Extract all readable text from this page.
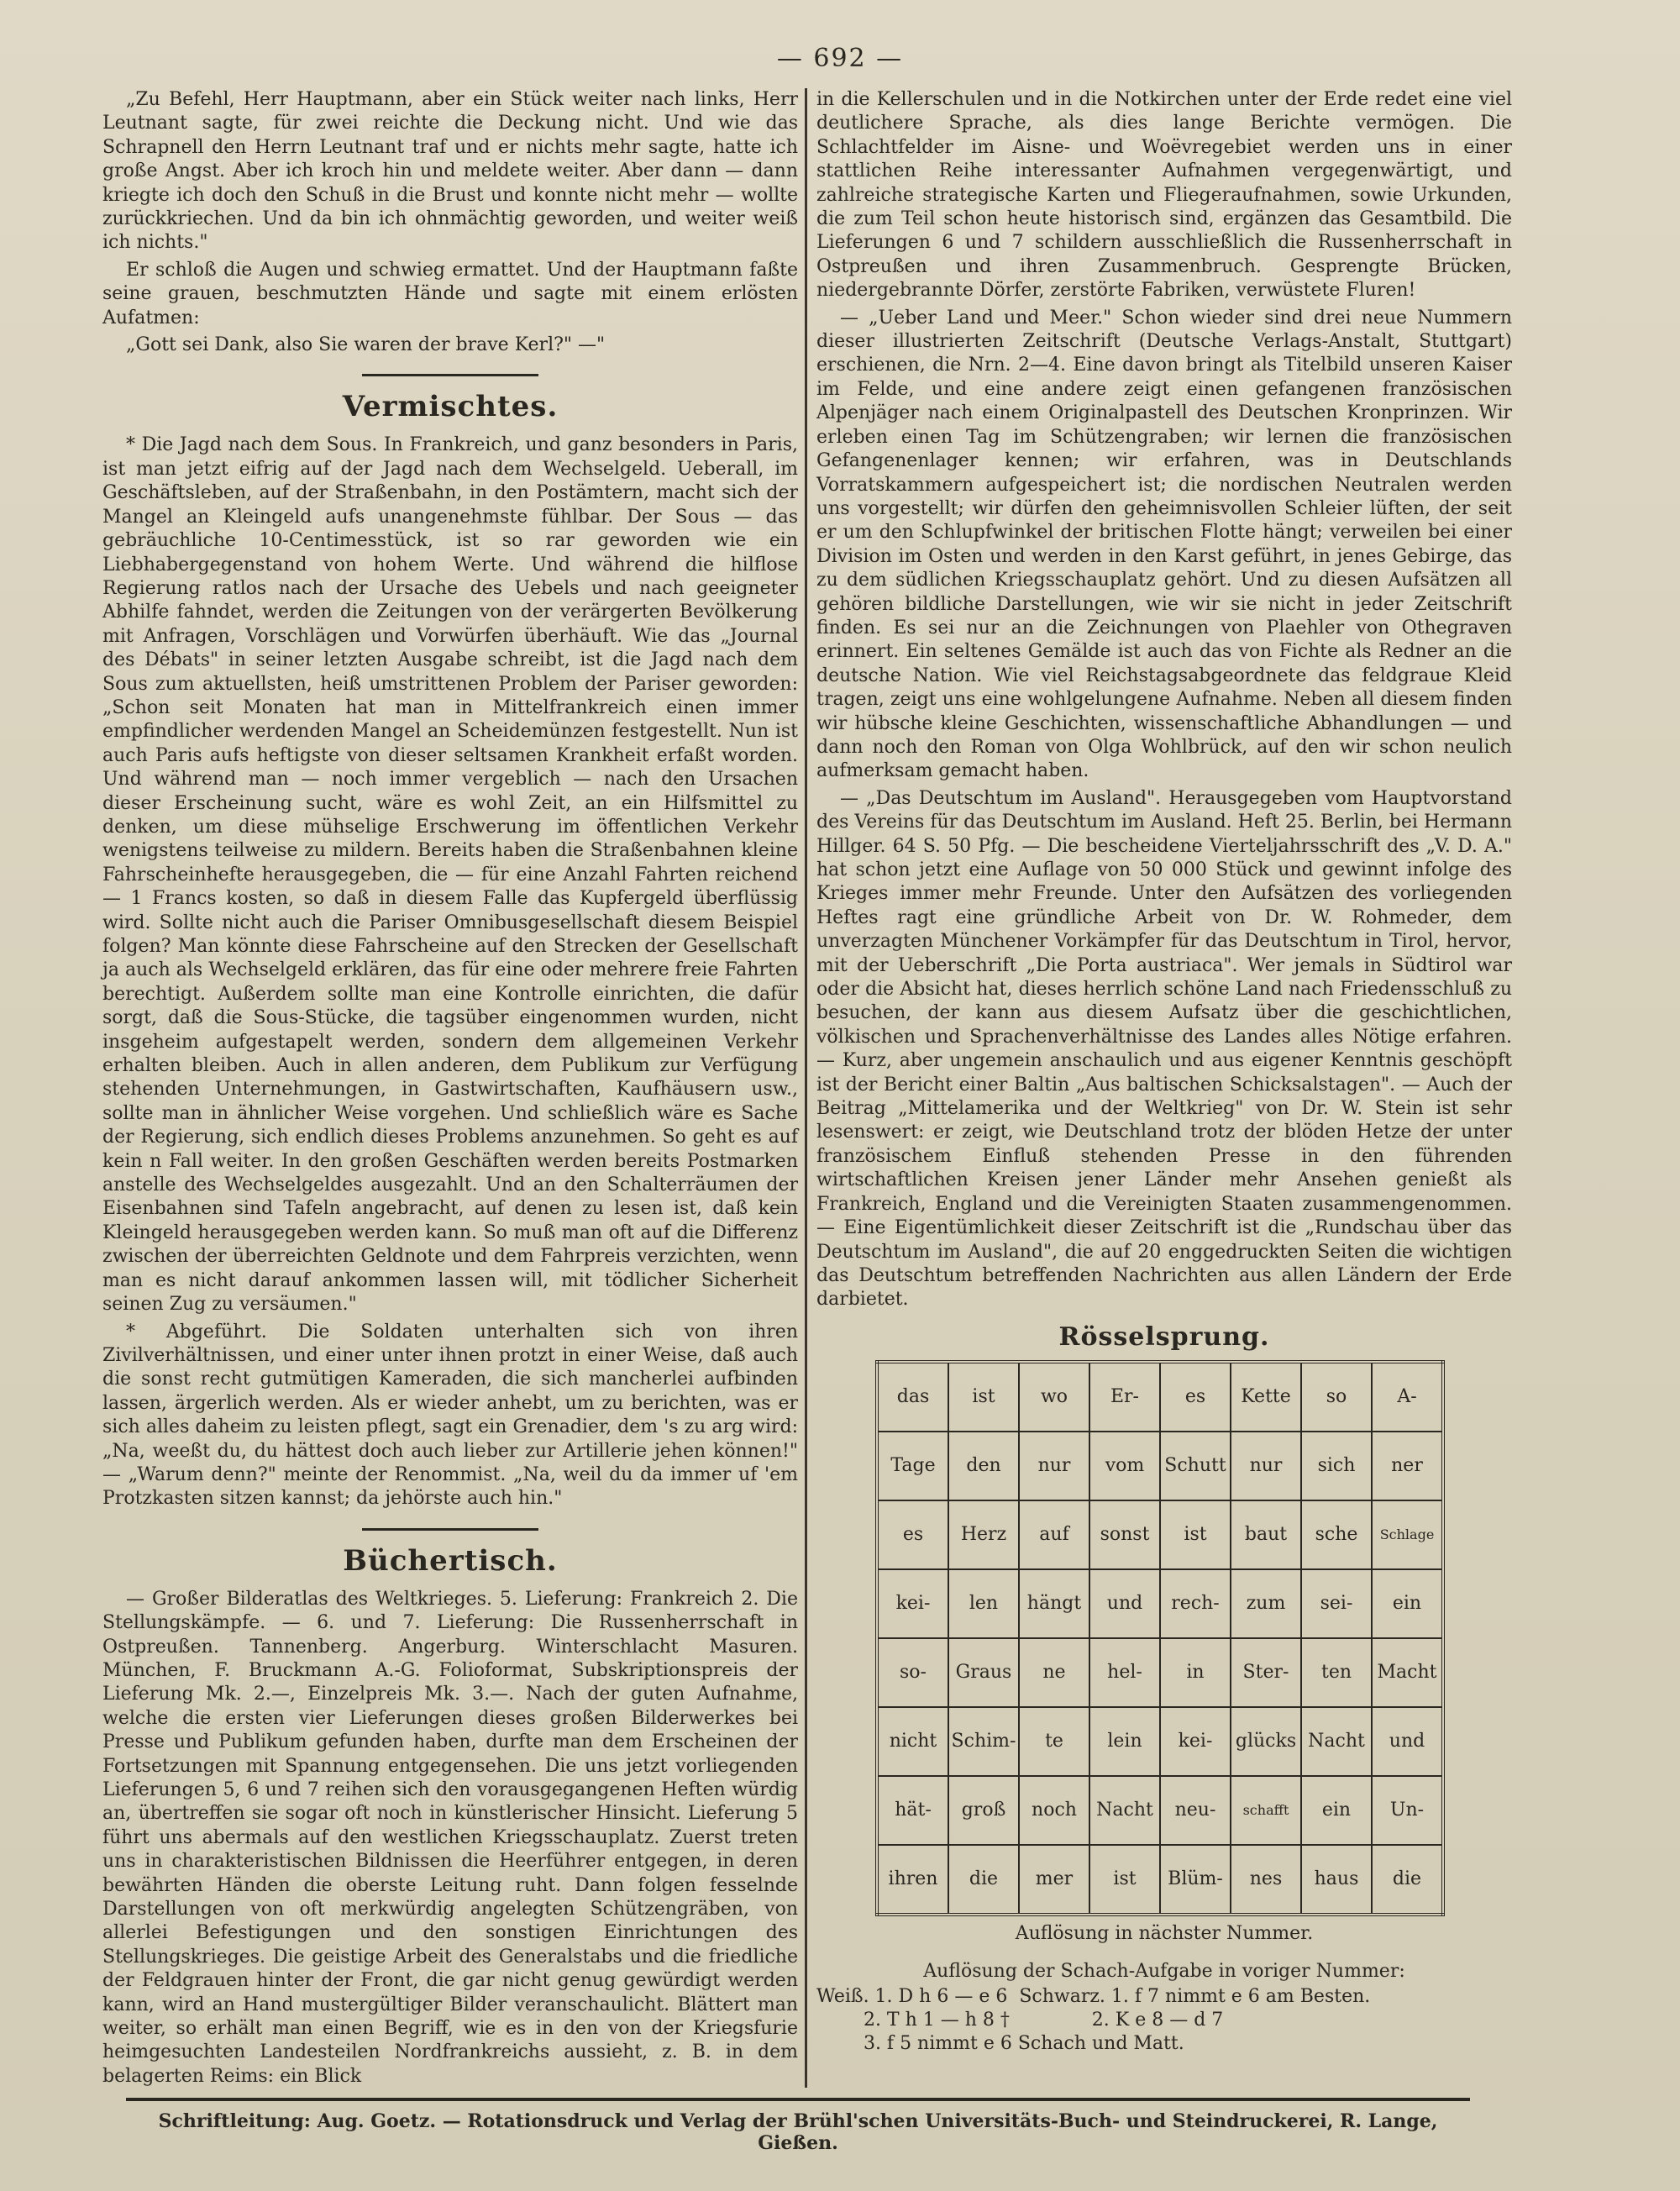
— 692 —

„Zu Befehl, Herr Hauptmann, aber ein Stück weiter nach links, Herr Leutnant sagte, für zwei reichte die Deckung nicht. Und wie das Schrapnell den Herrn Leutnant traf und er nichts mehr sagte, hatte ich große Angst. Aber ich kroch hin und meldete weiter. Aber dann — dann kriegte ich doch den Schuß in die Brust und konnte nicht mehr — wollte zurückkriechen. Und da bin ich ohnmächtig geworden, und weiter weiß ich nichts."

Er schloß die Augen und schwieg ermattet. Und der Hauptmann faßte seine grauen, beschmutzten Hände und sagte mit einem erlösten Aufatmen:

„Gott sei Dank, also Sie waren der brave Kerl?" —"

Vermischtes.

* Die Jagd nach dem Sous. In Frankreich, und ganz besonders in Paris, ist man jetzt eifrig auf der Jagd nach dem Wechselgeld. Ueberall, im Geschäftsleben, auf der Straßenbahn, in den Postämtern, macht sich der Mangel an Kleingeld aufs unangenehmste fühlbar. Der Sous — das gebräuchliche 10-Centimesstück, ist so rar geworden wie ein Liebhabergegenstand von hohem Werte. Und während die hilflose Regierung ratlos nach der Ursache des Uebels und nach geeigneter Abhilfe fahndet, werden die Zeitungen von der verärgerten Bevölkerung mit Anfragen, Vorschlägen und Vorwürfen überhäuft. Wie das „Journal des Débats" in seiner letzten Ausgabe schreibt, ist die Jagd nach dem Sous zum aktuellsten, heiß umstrittenen Problem der Pariser geworden: „Schon seit Monaten hat man in Mittelfrankreich einen immer empfindlicher werdenden Mangel an Scheidemünzen festgestellt. Nun ist auch Paris aufs heftigste von dieser seltsamen Krankheit erfaßt worden. Und während man — noch immer vergeblich — nach den Ursachen dieser Erscheinung sucht, wäre es wohl Zeit, an ein Hilfsmittel zu denken, um diese mühselige Erschwerung im öffentlichen Verkehr wenigstens teilweise zu mildern. Bereits haben die Straßenbahnen kleine Fahrscheinhefte herausgegeben, die — für eine Anzahl Fahrten reichend — 1 Francs kosten, so daß in diesem Falle das Kupfergeld überflüssig wird. Sollte nicht auch die Pariser Omnibusgesellschaft diesem Beispiel folgen? Man könnte diese Fahrscheine auf den Strecken der Gesellschaft ja auch als Wechselgeld erklären, das für eine oder mehrere freie Fahrten berechtigt. Außerdem sollte man eine Kontrolle einrichten, die dafür sorgt, daß die Sous-Stücke, die tagsüber eingenommen wurden, nicht insgeheim aufgestapelt werden, sondern dem allgemeinen Verkehr erhalten bleiben. Auch in allen anderen, dem Publikum zur Verfügung stehenden Unternehmungen, in Gastwirtschaften, Kaufhäusern usw., sollte man in ähnlicher Weise vorgehen. Und schließlich wäre es Sache der Regierung, sich endlich dieses Problems anzunehmen. So geht es auf kein n Fall weiter. In den großen Geschäften werden bereits Postmarken anstelle des Wechselgeldes ausgezahlt. Und an den Schalterräumen der Eisenbahnen sind Tafeln angebracht, auf denen zu lesen ist, daß kein Kleingeld herausgegeben werden kann. So muß man oft auf die Differenz zwischen der überreichten Geldnote und dem Fahrpreis verzichten, wenn man es nicht darauf ankommen lassen will, mit tödlicher Sicherheit seinen Zug zu versäumen."

* Abgeführt. Die Soldaten unterhalten sich von ihren Zivilverhältnissen, und einer unter ihnen protzt in einer Weise, daß auch die sonst recht gutmütigen Kameraden, die sich mancherlei aufbinden lassen, ärgerlich werden. Als er wieder anhebt, um zu berichten, was er sich alles daheim zu leisten pflegt, sagt ein Grenadier, dem 's zu arg wird: „Na, weeßt du, du hättest doch auch lieber zur Artillerie jehen können!" — „Warum denn?" meinte der Renommist. „Na, weil du da immer uf 'em Protzkasten sitzen kannst; da jehörste auch hin."

Büchertisch.

— Großer Bilderatlas des Weltkrieges. 5. Lieferung: Frankreich 2. Die Stellungskämpfe. — 6. und 7. Lieferung: Die Russenherrschaft in Ostpreußen. Tannenberg. Angerburg. Winterschlacht Masuren. München, F. Bruckmann A.-G. Folioformat, Subskriptionspreis der Lieferung Mk. 2.—, Einzelpreis Mk. 3.—. Nach der guten Aufnahme, welche die ersten vier Lieferungen dieses großen Bilderwerkes bei Presse und Publikum gefunden haben, durfte man dem Erscheinen der Fortsetzungen mit Spannung entgegensehen. Die uns jetzt vorliegenden Lieferungen 5, 6 und 7 reihen sich den vorausgegangenen Heften würdig an, übertreffen sie sogar oft noch in künstlerischer Hinsicht. Lieferung 5 führt uns abermals auf den westlichen Kriegsschauplatz. Zuerst treten uns in charakteristischen Bildnissen die Heerführer entgegen, in deren bewährten Händen die oberste Leitung ruht. Dann folgen fesselnde Darstellungen von oft merkwürdig angelegten Schützengräben, von allerlei Befestigungen und den sonstigen Einrichtungen des Stellungskrieges. Die geistige Arbeit des Generalstabs und die friedliche der Feldgrauen hinter der Front, die gar nicht genug gewürdigt werden kann, wird an Hand mustergültiger Bilder veranschaulicht. Blättert man weiter, so erhält man einen Begriff, wie es in den von der Kriegsfurie heimgesuchten Landesteilen Nordfrankreichs aussieht, z. B. in dem belagerten Reims: ein Blick

in die Kellerschulen und in die Notkirchen unter der Erde redet eine viel deutlichere Sprache, als dies lange Berichte vermögen. Die Schlachtfelder im Aisne- und Woëvregebiet werden uns in einer stattlichen Reihe interessanter Aufnahmen vergegenwärtigt, und zahlreiche strategische Karten und Fliegeraufnahmen, sowie Urkunden, die zum Teil schon heute historisch sind, ergänzen das Gesamtbild. Die Lieferungen 6 und 7 schildern ausschließlich die Russenherrschaft in Ostpreußen und ihren Zusammenbruch. Gesprengte Brücken, niedergebrannte Dörfer, zerstörte Fabriken, verwüstete Fluren!

— „Ueber Land und Meer." Schon wieder sind drei neue Nummern dieser illustrierten Zeitschrift (Deutsche Verlags-Anstalt, Stuttgart) erschienen, die Nrn. 2—4. Eine davon bringt als Titelbild unseren Kaiser im Felde, und eine andere zeigt einen gefangenen französischen Alpenjäger nach einem Originalpastell des Deutschen Kronprinzen. Wir erleben einen Tag im Schützengraben; wir lernen die französischen Gefangenenlager kennen; wir erfahren, was in Deutschlands Vorratskammern aufgespeichert ist; die nordischen Neutralen werden uns vorgestellt; wir dürfen den geheimnisvollen Schleier lüften, der seit er um den Schlupfwinkel der britischen Flotte hängt; verweilen bei einer Division im Osten und werden in den Karst geführt, in jenes Gebirge, das zu dem südlichen Kriegsschauplatz gehört. Und zu diesen Aufsätzen all gehören bildliche Darstellungen, wie wir sie nicht in jeder Zeitschrift finden. Es sei nur an die Zeichnungen von Plaehler von Othegraven erinnert. Ein seltenes Gemälde ist auch das von Fichte als Redner an die deutsche Nation. Wie viel Reichstagsabgeordnete das feldgraue Kleid tragen, zeigt uns eine wohlgelungene Aufnahme. Neben all diesem finden wir hübsche kleine Geschichten, wissenschaftliche Abhandlungen — und dann noch den Roman von Olga Wohlbrück, auf den wir schon neulich aufmerksam gemacht haben.

— „Das Deutschtum im Ausland". Herausgegeben vom Hauptvorstand des Vereins für das Deutschtum im Ausland. Heft 25. Berlin, bei Hermann Hillger. 64 S. 50 Pfg. — Die bescheidene Vierteljahrsschrift des „V. D. A." hat schon jetzt eine Auflage von 50 000 Stück und gewinnt infolge des Krieges immer mehr Freunde. Unter den Aufsätzen des vorliegenden Heftes ragt eine gründliche Arbeit von Dr. W. Rohmeder, dem unverzagten Münchener Vorkämpfer für das Deutschtum in Tirol, hervor, mit der Ueberschrift „Die Porta austriaca". Wer jemals in Südtirol war oder die Absicht hat, dieses herrlich schöne Land nach Friedensschluß zu besuchen, der kann aus diesem Aufsatz über die geschichtlichen, völkischen und Sprachenverhältnisse des Landes alles Nötige erfahren. — Kurz, aber ungemein anschaulich und aus eigener Kenntnis geschöpft ist der Bericht einer Baltin „Aus baltischen Schicksalstagen". — Auch der Beitrag „Mittelamerika und der Weltkrieg" von Dr. W. Stein ist sehr lesenswert: er zeigt, wie Deutschland trotz der blöden Hetze der unter französischem Einfluß stehenden Presse in den führenden wirtschaftlichen Kreisen jener Länder mehr Ansehen genießt als Frankreich, England und die Vereinigten Staaten zusammengenommen. — Eine Eigentümlichkeit dieser Zeitschrift ist die „Rundschau über das Deutschtum im Ausland", die auf 20 enggedruckten Seiten die wichtigen das Deutschtum betreffenden Nachrichten aus allen Ländern der Erde darbietet.

Rösselsprung.
das	ist	wo	Er-	es	Kette	so	A-
Tage	den	nur	vom	Schutt	nur	sich	ner
es	Herz	auf	sonst	ist	baut	sche	Schlage
kei-	len	hängt	und	rech-	zum	sei-	ein
so-	Graus	ne	hel-	in	Ster-	ten	Macht
nicht	Schim-	te	lein	kei-	glücks	Nacht	und
hät-	groß	noch	Nacht	neu-	schafft	ein	Un-
ihren	die	mer	ist	Blüm-	nes	haus	die
Auflösung in nächster Nummer.
Auflösung der Schach-Aufgabe in voriger Nummer:

Weiß. 1. D h 6 — e 6  Schwarz. 1. f 7 nimmt e 6 am Besten.

2. T h 1 — h 8 †              2. K e 8 — d 7

3. f 5 nimmt e 6 Schach und Matt.

Schriftleitung: Aug. Goetz. — Rotationsdruck und Verlag der Brühl'schen Universitäts-Buch- und Steindruckerei, R. Lange, Gießen.
